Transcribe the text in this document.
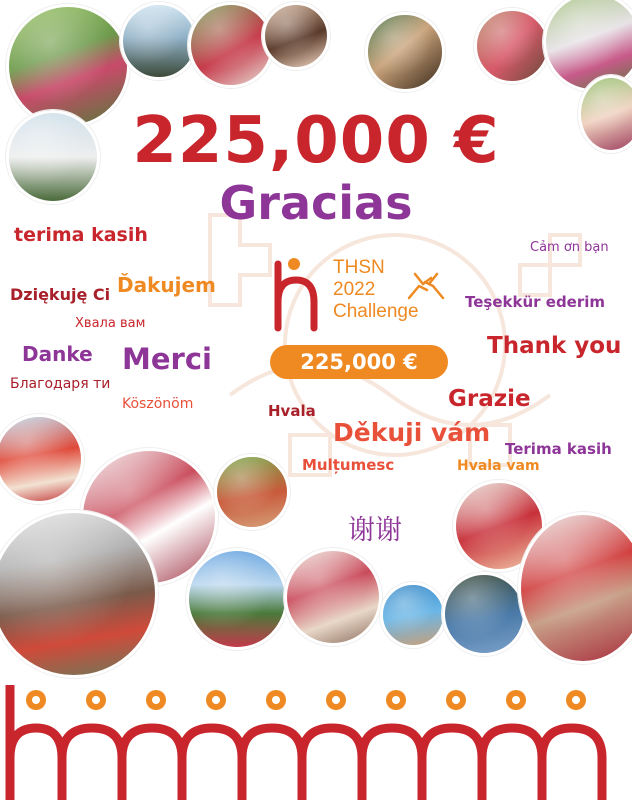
225,000 €
Gracias
terima kasih
Dziękuję Ci Ďakujem
Хвала вам
Danke Merci
Благодаря ти
Köszönöm
Cảm ơn bạn
Teşekkür ederim
Thank you
Grazie
Hvala
Děkuji vám
Terima kasih
Mulțumesc	Hvala vam
谢谢
THSN
2022
Challenge
225,000 €
